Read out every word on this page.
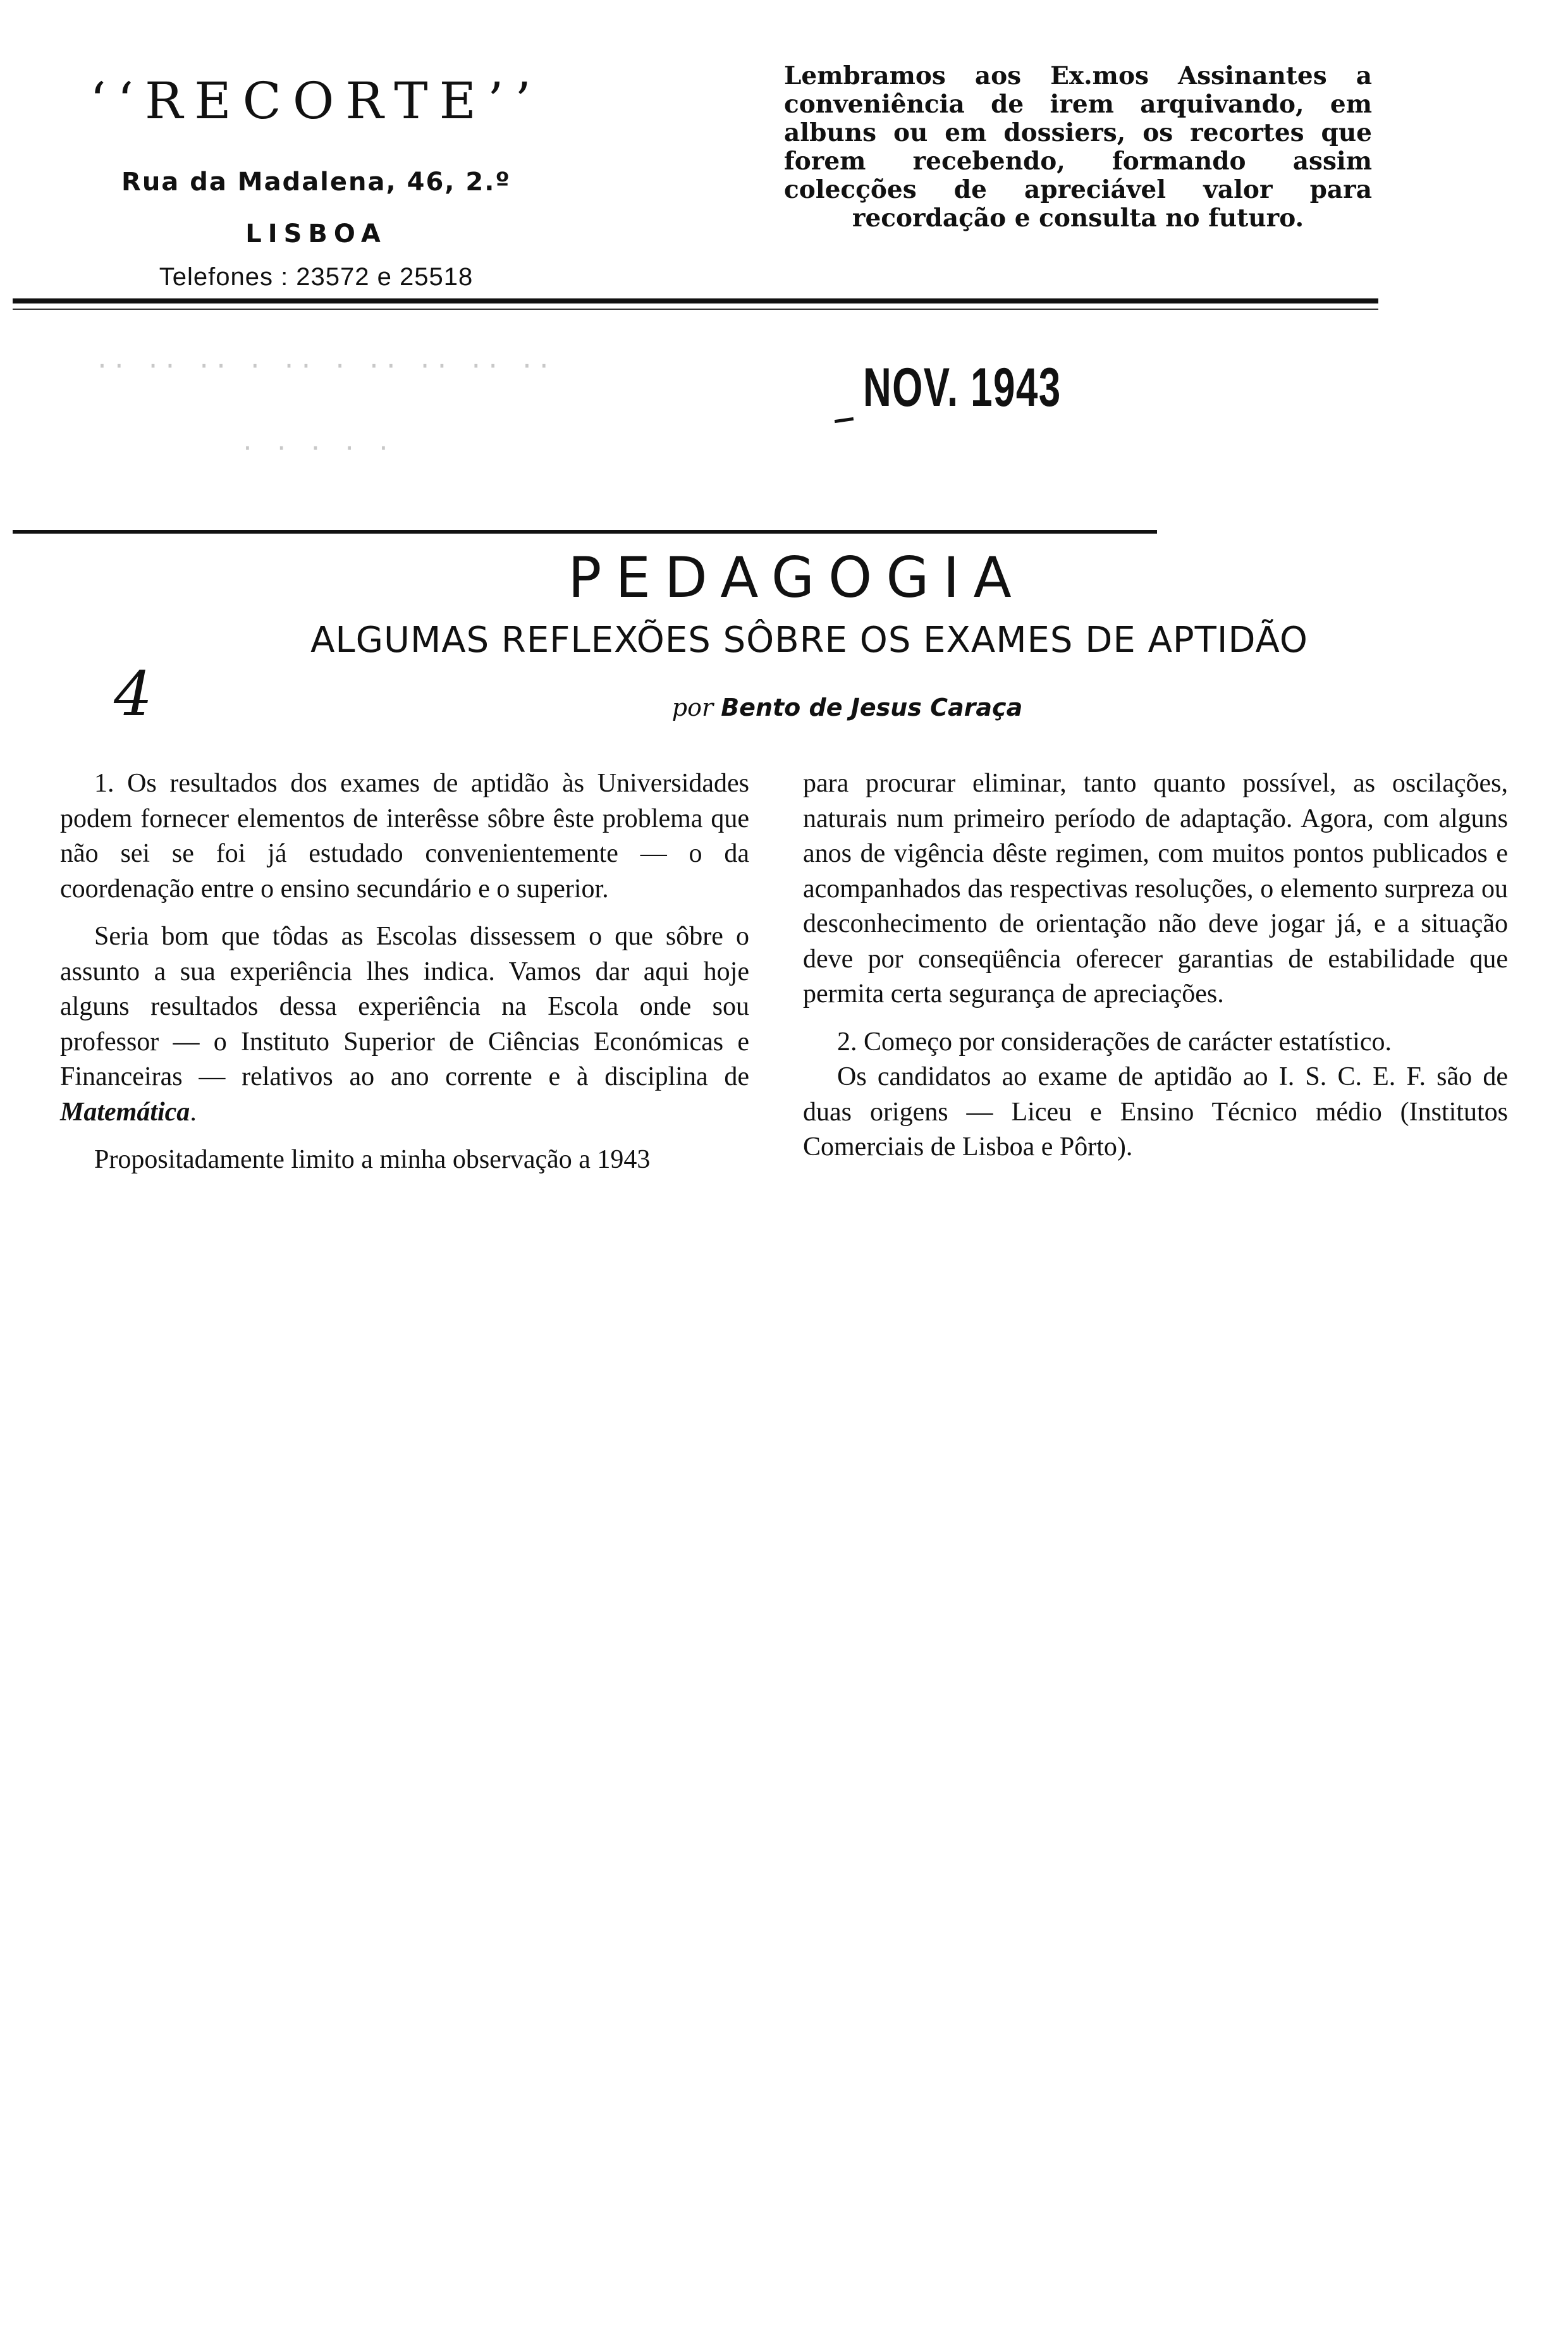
‘‘RECORTE’’
Rua da Madalena, 46, 2.º
LISBOA
Telefones : 23572 e 25518
Lembramos aos Ex.mos Assinantes a conveniência de irem arquivando, em albuns ou em dossiers, os recortes que forem recebendo, formando assim colecções de apreciável valor para recordação e consulta no futuro.
·· ·· ·· · ·· · ·· ·· ·· ··
· · · · ·
NOV. 1943
4
PEDAGOGIA
ALGUMAS REFLEXÕES SÔBRE OS EXAMES DE APTIDÃO
por Bento de Jesus Caraça

1. Os resultados dos exames de aptidão às Universidades podem fornecer elementos de interêsse sôbre êste problema que não sei se foi já estudado convenientemente — o da coordenação entre o ensino secundário e o superior.

Seria bom que tôdas as Escolas dissessem o que sôbre o assunto a sua experiência lhes indica. Vamos dar aqui hoje alguns resultados dessa experiência na Escola onde sou professor — o Instituto Superior de Ciências Económicas e Financeiras — relativos ao ano corrente e à disciplina de Matemática.

Propositadamente limito a minha observação a 1943

para procurar eliminar, tanto quanto possível, as oscilações, naturais num primeiro período de adaptação. Agora, com alguns anos de vigência dêste regimen, com muitos pontos publicados e acompanhados das respectivas resoluções, o elemento surpreza ou desconhecimento de orientação não deve jogar já, e a situação deve por conseqüência oferecer garantias de estabilidade que permita certa segurança de apreciações.

2. Começo por considerações de carácter estatístico.

Os candidatos ao exame de aptidão ao I. S. C. E. F. são de duas origens — Liceu e Ensino Técnico médio (Institutos Comerciais de Lisboa e Pôrto).
